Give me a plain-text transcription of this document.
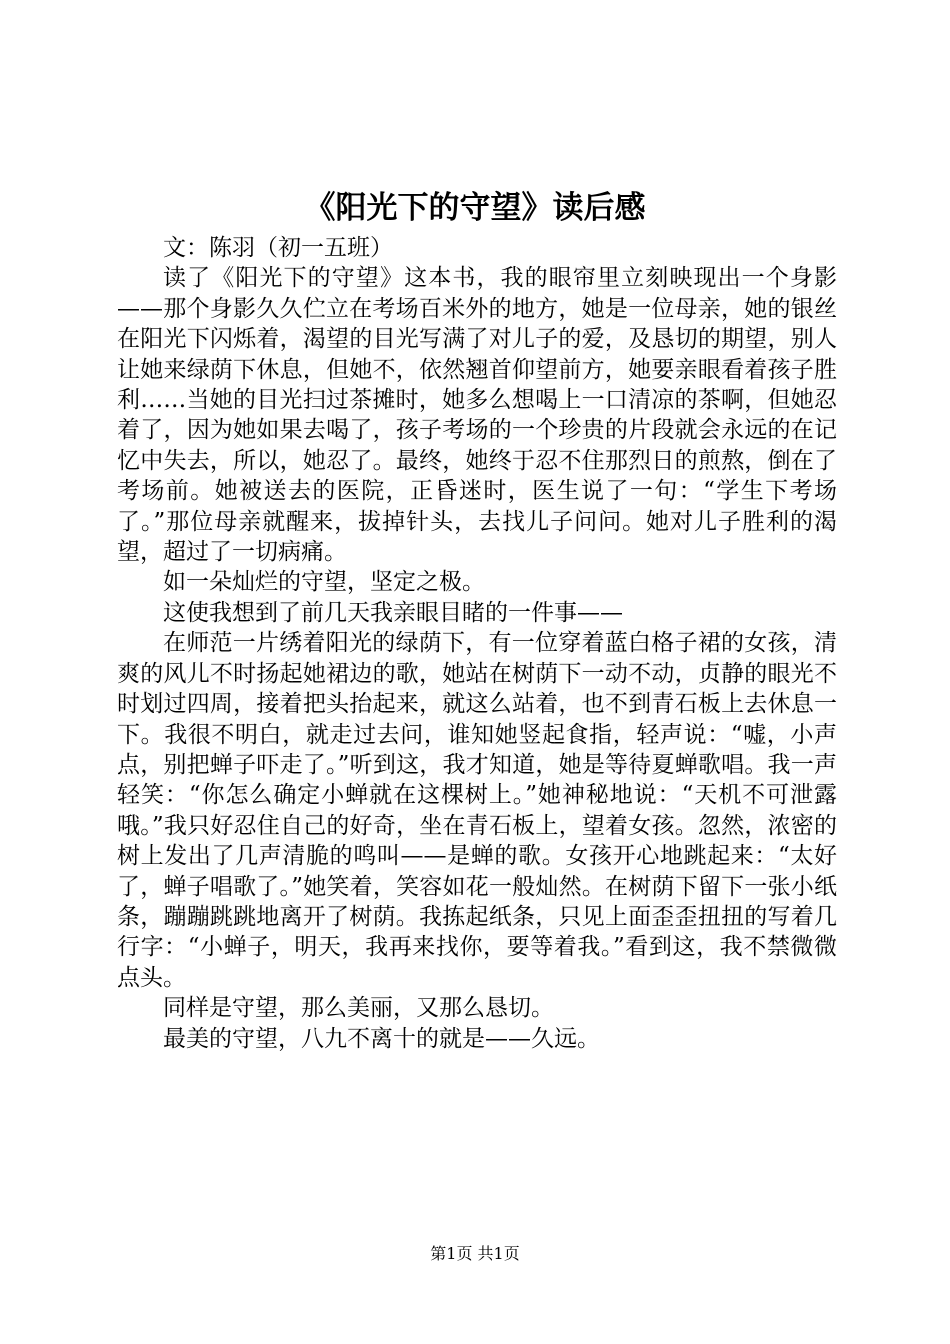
《阳光下的守望》读后感

文：陈羽（初一五班）

读了《阳光下的守望》这本书，我的眼帘里立刻映现出一个身影——那个身影久久伫立在考场百米外的地方，她是一位母亲，她的银丝在阳光下闪烁着，渴望的目光写满了对儿子的爱，及恳切的期望，别人让她来绿荫下休息，但她不，依然翘首仰望前方，她要亲眼看着孩子胜利……当她的目光扫过茶摊时，她多么想喝上一口清凉的茶啊，但她忍着了，因为她如果去喝了，孩子考场的一个珍贵的片段就会永远的在记忆中失去，所以，她忍了。最终，她终于忍不住那烈日的煎熬，倒在了考场前。她被送去的医院，正昏迷时，医生说了一句：“学生下考场了。”那位母亲就醒来，拔掉针头，去找儿子问问。她对儿子胜利的渴望，超过了一切病痛。

如一朵灿烂的守望，坚定之极。

这使我想到了前几天我亲眼目睹的一件事——

在师范一片绣着阳光的绿荫下，有一位穿着蓝白格子裙的女孩，清爽的风儿不时扬起她裙边的歌，她站在树荫下一动不动，贞静的眼光不时划过四周，接着把头抬起来，就这么站着，也不到青石板上去休息一下。我很不明白，就走过去问，谁知她竖起食指，轻声说：“嘘，小声点，别把蝉子吓走了。”听到这，我才知道，她是等待夏蝉歌唱。我一声轻笑：“你怎么确定小蝉就在这棵树上。”她神秘地说：“天机不可泄露哦。”我只好忍住自己的好奇，坐在青石板上，望着女孩。忽然，浓密的树上发出了几声清脆的鸣叫——是蝉的歌。女孩开心地跳起来：“太好了，蝉子唱歌了。”她笑着，笑容如花一般灿然。在树荫下留下一张小纸条，蹦蹦跳跳地离开了树荫。我拣起纸条，只见上面歪歪扭扭的写着几行字：“小蝉子，明天，我再来找你，要等着我。”看到这，我不禁微微点头。

同样是守望，那么美丽，又那么恳切。

最美的守望，八九不离十的就是——久远。

第1页 共1页
